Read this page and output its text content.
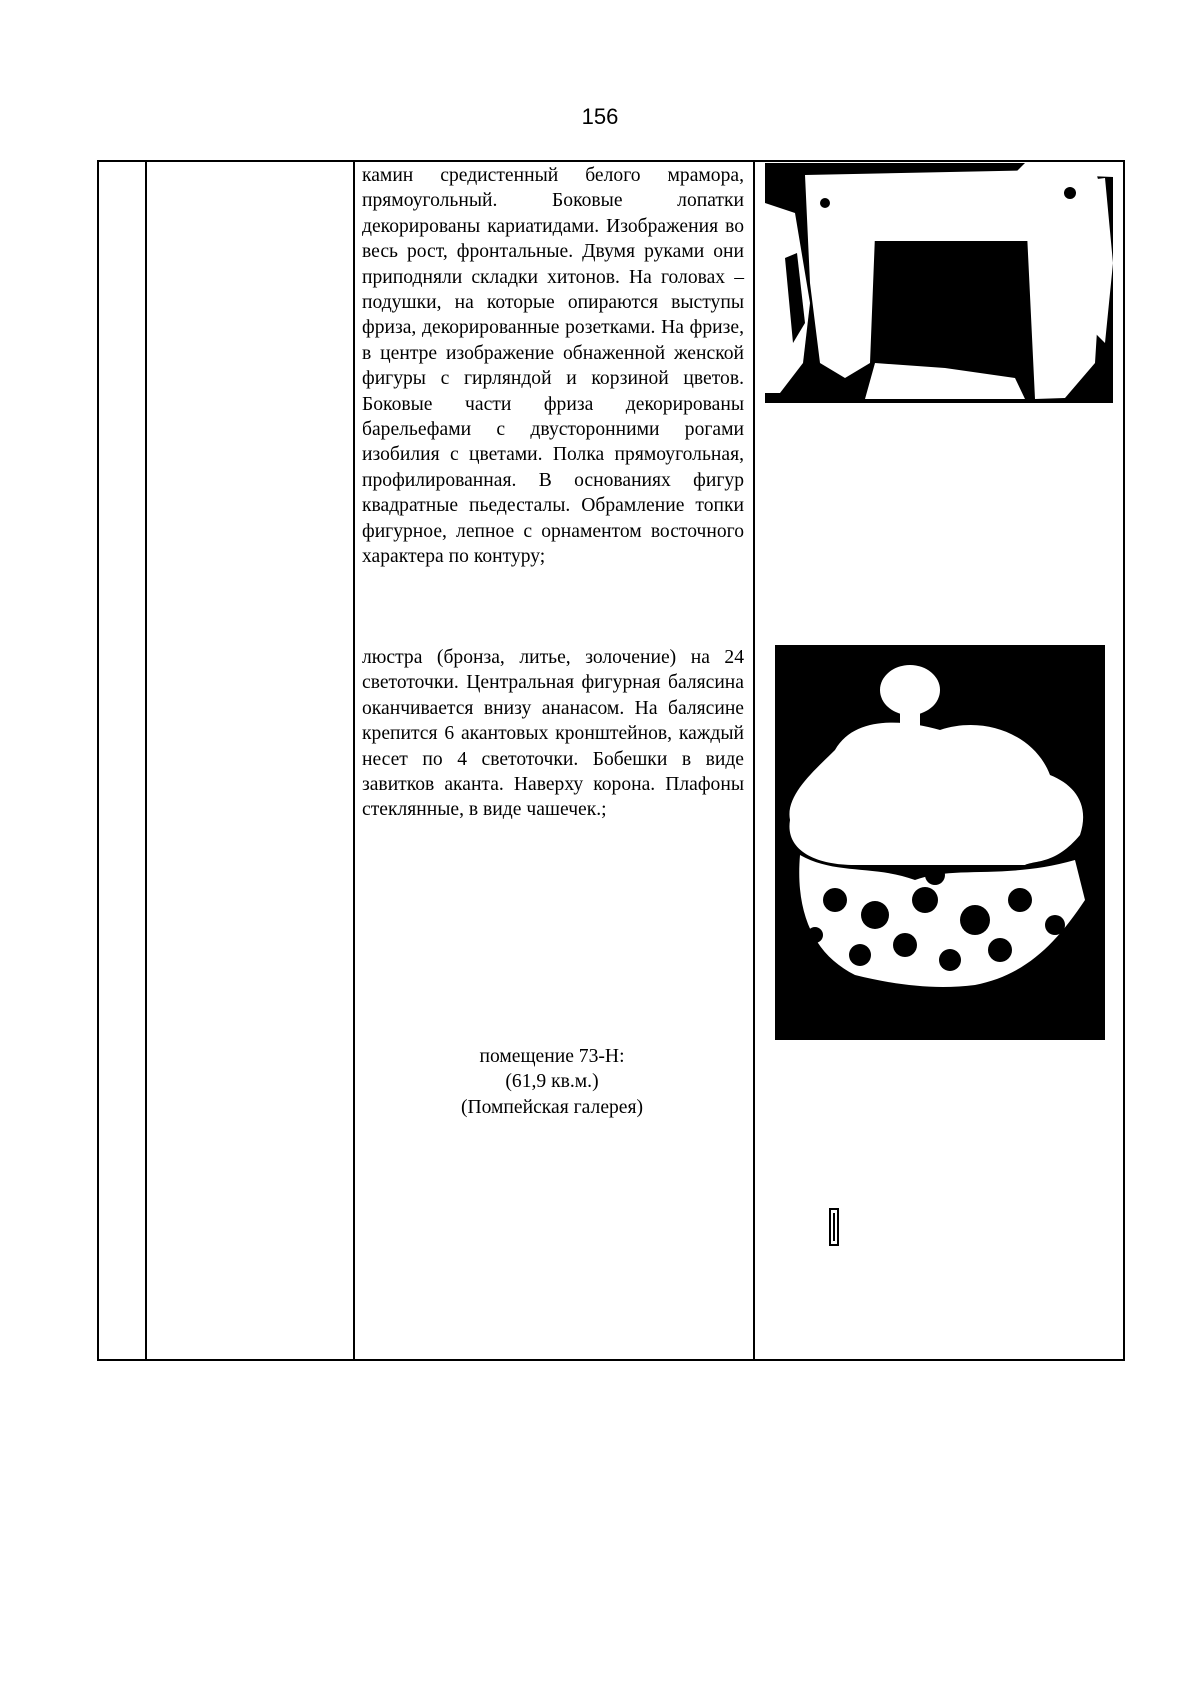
156
камин средистенный белого мрамора, прямоугольный. Боковые лопатки декорированы кариатидами. Изображения во весь рост, фронтальные. Двумя руками они приподняли складки хитонов. На головах – подушки, на которые опираются выступы фриза, декорированные розетками. На фризе, в центре изображение обнаженной женской фигуры с гирляндой и корзиной цветов. Боковые части фриза декорированы барельефами с двусторонними рогами изобилия с цветами. Полка прямоугольная, профилированная. В основаниях фигур квадратные пьедесталы. Обрамление топки фигурное, лепное с орнаментом восточного характера по контуру;
люстра (бронза, литье, золочение) на 24 светоточки. Центральная фигурная балясина оканчивается внизу ананасом. На балясине крепится 6 акантовых кронштейнов, каждый несет по 4 светоточки. Бобешки в виде завитков аканта. Наверху корона. Плафоны стеклянные, в виде чашечек.;
помещение 73-Н:
(61,9 кв.м.)
(Помпейская галерея)
